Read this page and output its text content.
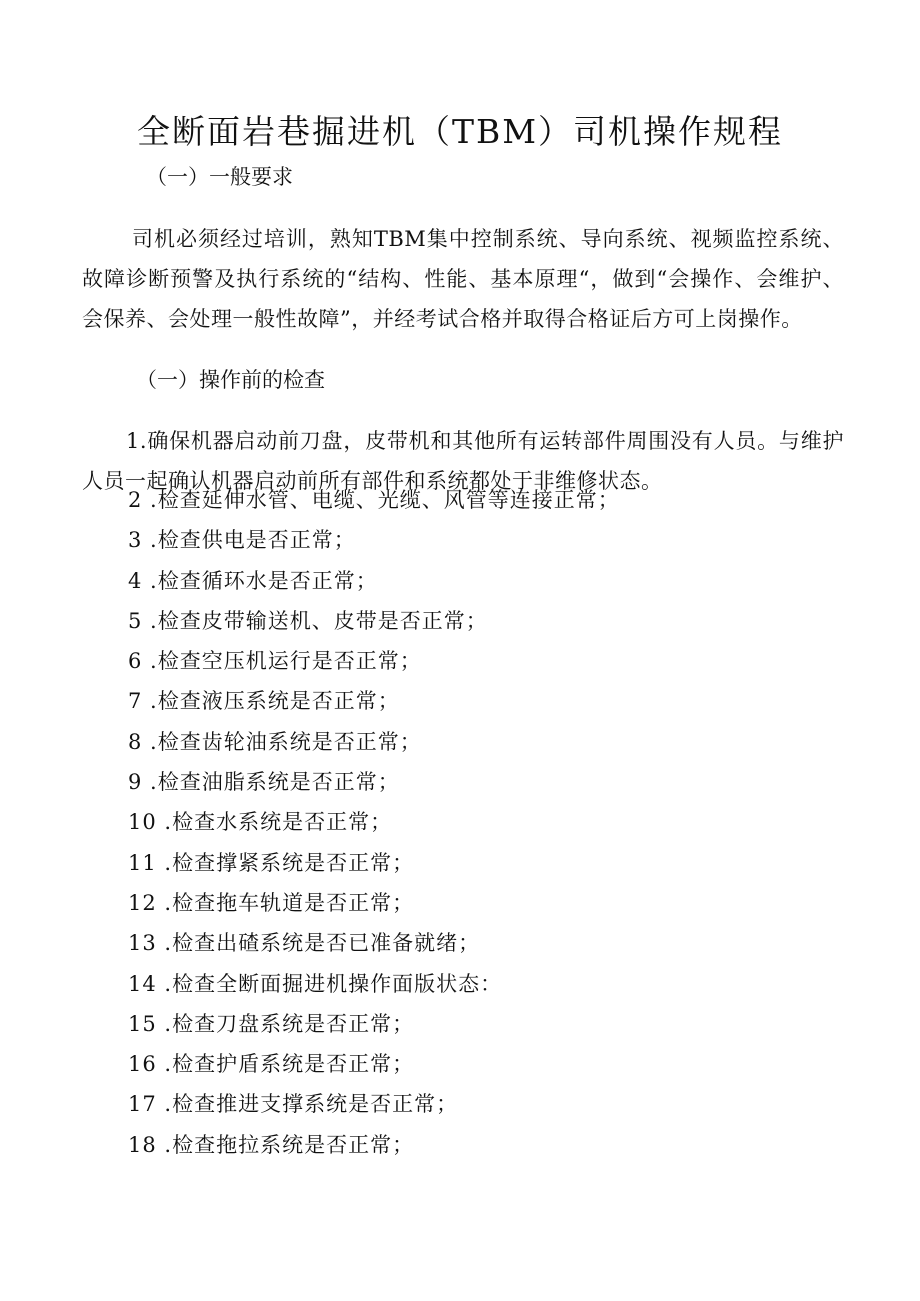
全断面岩巷掘进机（TBM）司机操作规程
（一）一般要求

司机必须经过培训，熟知TBM集中控制系统、导向系统、视频监控系统、故障诊断预警及执行系统的“结构、性能、基本原理“，做到“会操作、会维护、会保养、会处理一般性故障”，并经考试合格并取得合格证后方可上岗操作。

（一）操作前的检查

1.确保机器启动前刀盘，皮带机和其他所有运转部件周围没有人员。与维护人员一起确认机器启动前所有部件和系统都处于非维修状态。

2 .检查延伸水管、电缆、光缆、风管等连接正常；
3 .检查供电是否正常；
4 .检查循环水是否正常；
5 .检查皮带输送机、皮带是否正常；
6 .检查空压机运行是否正常；
7 .检查液压系统是否正常；
8 .检查齿轮油系统是否正常；
9 .检查油脂系统是否正常；
10 .检查水系统是否正常；
11 .检查撑紧系统是否正常；
12 .检查拖车轨道是否正常；
13 .检查出碴系统是否已准备就绪；
14 .检查全断面掘进机操作面版状态：
15 .检查刀盘系统是否正常；
16 .检查护盾系统是否正常；
17 .检查推进支撑系统是否正常；
18 .检查拖拉系统是否正常；
